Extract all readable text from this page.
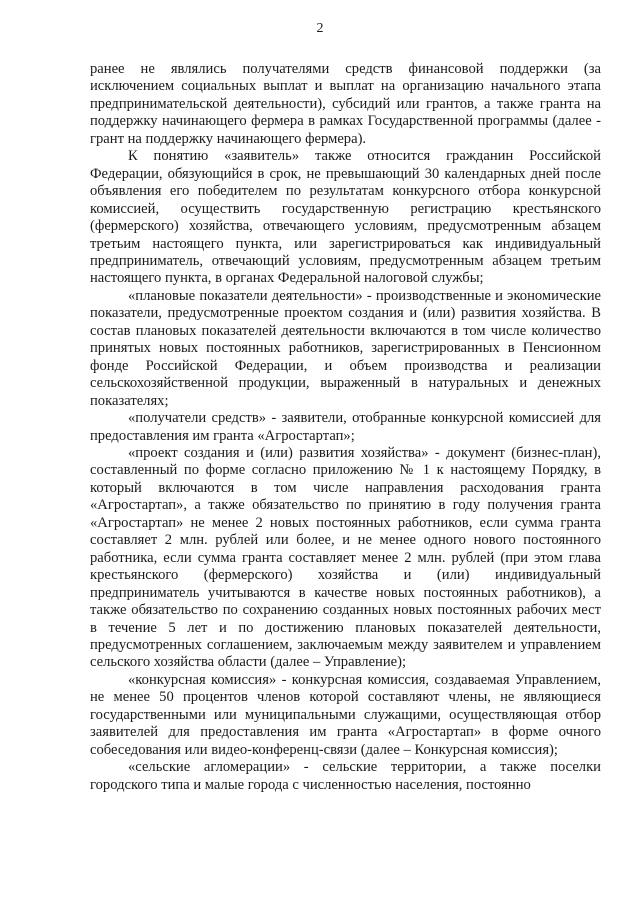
2

ранее не являлись получателями средств финансовой поддержки (за исключением социальных выплат и выплат на организацию начального этапа предпринимательской деятельности), субсидий или грантов, а также гранта на поддержку начинающего фермера в рамках Государственной программы (далее - грант на поддержку начинающего фермера).

К понятию «заявитель» также относится гражданин Российской Федерации, обязующийся в срок, не превышающий 30 календарных дней после объявления его победителем по результатам конкурсного отбора конкурсной комиссией, осуществить государственную регистрацию крестьянского (фермерского) хозяйства, отвечающего условиям, предусмотренным абзацем третьим настоящего пункта, или зарегистрироваться как индивидуальный предприниматель, отвечающий условиям, предусмотренным абзацем третьим настоящего пункта, в органах Федеральной налоговой службы;

«плановые показатели деятельности» - производственные и экономические показатели, предусмотренные проектом создания и (или) развития хозяйства. В состав плановых показателей деятельности включаются в том числе количество принятых новых постоянных работников, зарегистрированных в Пенсионном фонде Российской Федерации, и объем производства и реализации сельскохозяйственной продукции, выраженный в натуральных и денежных показателях;

«получатели средств» - заявители, отобранные конкурсной комиссией для предоставления им гранта «Агростартап»;

«проект создания и (или) развития хозяйства» - документ (бизнес-план), составленный по форме согласно приложению № 1 к настоящему Порядку, в который включаются в том числе направления расходования гранта «Агростартап», а также обязательство по принятию в году получения гранта «Агростартап» не менее 2 новых постоянных работников, если сумма гранта составляет 2 млн. рублей или более, и не менее одного нового постоянного работника, если сумма гранта составляет менее 2 млн. рублей (при этом глава крестьянского (фермерского) хозяйства и (или) индивидуальный предприниматель учитываются в качестве новых постоянных работников), а также обязательство по сохранению созданных новых постоянных рабочих мест в течение 5 лет и по достижению плановых показателей деятельности, предусмотренных соглашением, заключаемым между заявителем и управлением сельского хозяйства области (далее – Управление);

«конкурсная комиссия» - конкурсная комиссия, создаваемая Управлением, не менее 50 процентов членов которой составляют члены, не являющиеся государственными или муниципальными служащими, осуществляющая отбор заявителей для предоставления им гранта «Агростартап» в форме очного собеседования или видео-конференц-связи (далее – Конкурсная комиссия);

«сельские агломерации» - сельские территории, а также поселки городского типа и малые города с численностью населения, постоянно
